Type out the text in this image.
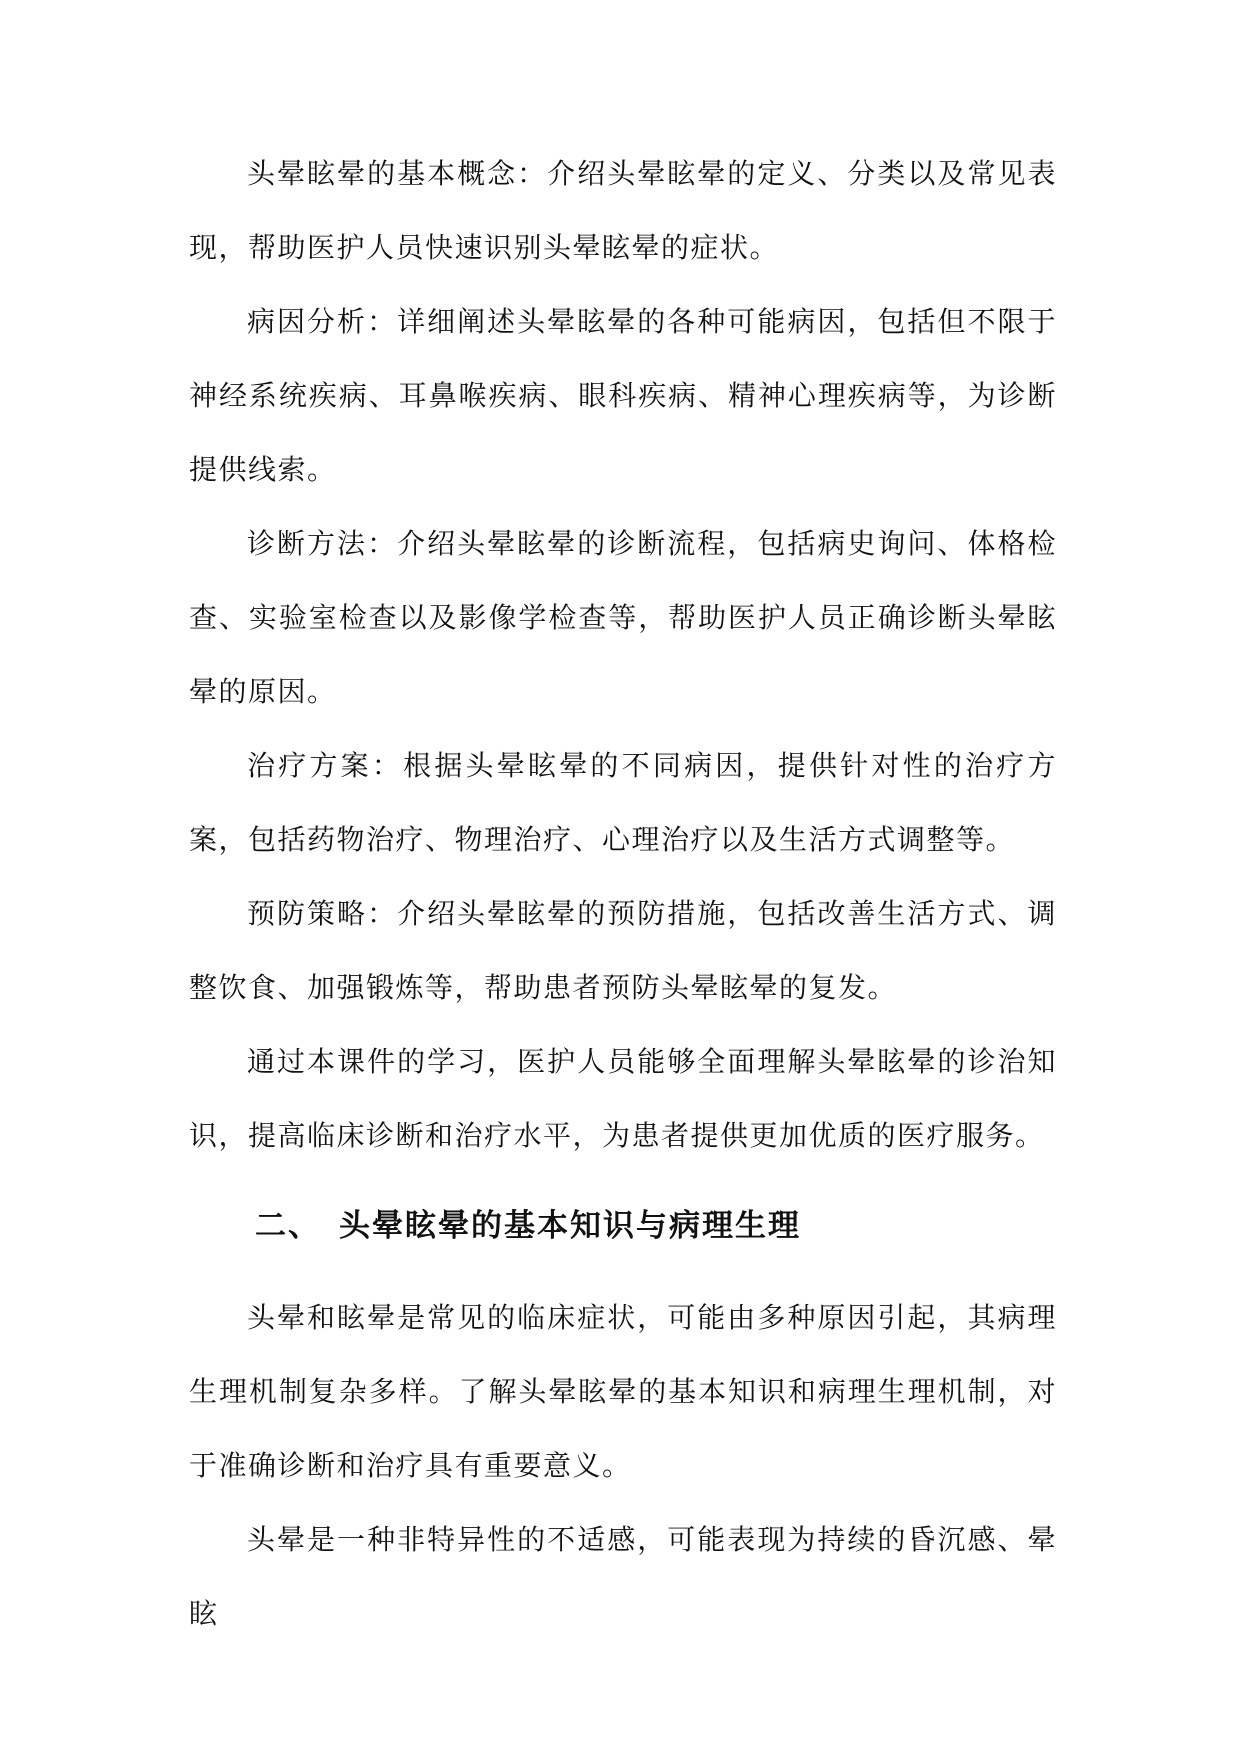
头晕眩晕的基本概念：介绍头晕眩晕的定义、分类以及常见表现，帮助医护人员快速识别头晕眩晕的症状。

病因分析：详细阐述头晕眩晕的各种可能病因，包括但不限于神经系统疾病、耳鼻喉疾病、眼科疾病、精神心理疾病等，为诊断提供线索。

诊断方法：介绍头晕眩晕的诊断流程，包括病史询问、体格检查、实验室检查以及影像学检查等，帮助医护人员正确诊断头晕眩晕的原因。

治疗方案：根据头晕眩晕的不同病因，提供针对性的治疗方案，包括药物治疗、物理治疗、心理治疗以及生活方式调整等。

预防策略：介绍头晕眩晕的预防措施，包括改善生活方式、调整饮食、加强锻炼等，帮助患者预防头晕眩晕的复发。

通过本课件的学习，医护人员能够全面理解头晕眩晕的诊治知识，提高临床诊断和治疗水平，为患者提供更加优质的医疗服务。

二、 头晕眩晕的基本知识与病理生理

头晕和眩晕是常见的临床症状，可能由多种原因引起，其病理生理机制复杂多样。了解头晕眩晕的基本知识和病理生理机制，对于准确诊断和治疗具有重要意义。

头晕是一种非特异性的不适感，可能表现为持续的昏沉感、晕眩
